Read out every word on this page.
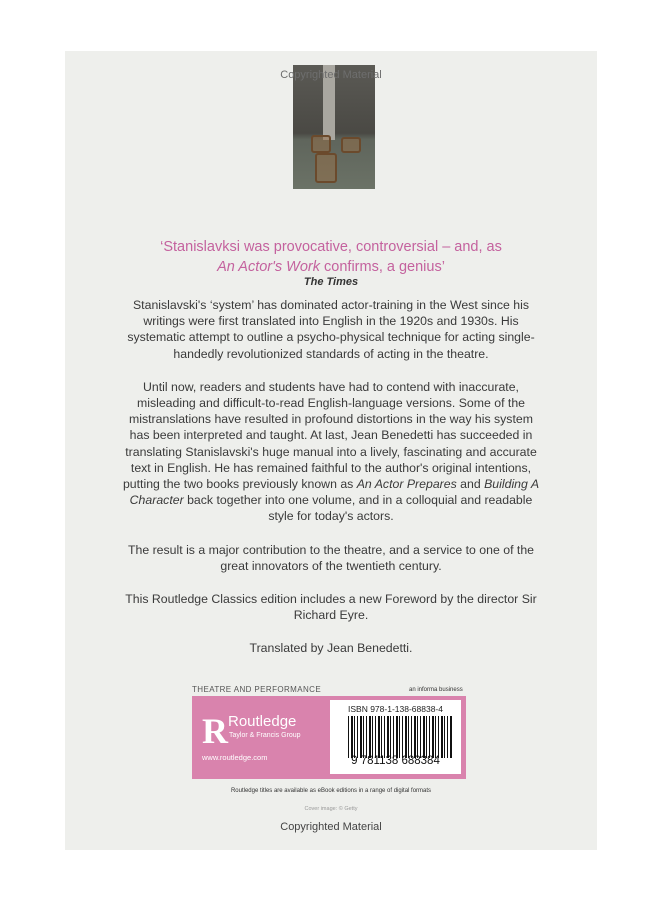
Copyrighted Material
‘Stanislavksi was provocative, controversial – and, as
An Actor's Work confirms, a genius’
The Times

Stanislavski's ‘system’ has dominated actor-training in the West since his writings were first translated into English in the 1920s and 1930s. His systematic attempt to outline a psycho-physical technique for acting single-handedly revolutionized standards of acting in the theatre.

Until now, readers and students have had to contend with inaccurate, misleading and difficult-to-read English-language versions. Some of the mistranslations have resulted in profound distortions in the way his system has been interpreted and taught. At last, Jean Benedetti has succeeded in translating Stanislavski's huge manual into a lively, fascinating and accurate text in English. He has remained faithful to the author's original intentions, putting the two books previously known as An Actor Prepares and Building A Character back together into one volume, and in a colloquial and readable style for today's actors.

The result is a major contribution to the theatre, and a service to one of the great innovators of the twentieth century.

This Routledge Classics edition includes a new Foreword by the director Sir Richard Eyre.

Translated by Jean Benedetti.

THEATRE AND PERFORMANCE	an informa business
R Routledge
Taylor & Francis Group
www.routledge.com
ISBN 978-1-138-68838-4
9 781138 688384
Routledge titles are available as eBook editions in a range of digital formats
Cover image: © Getty
Copyrighted Material
